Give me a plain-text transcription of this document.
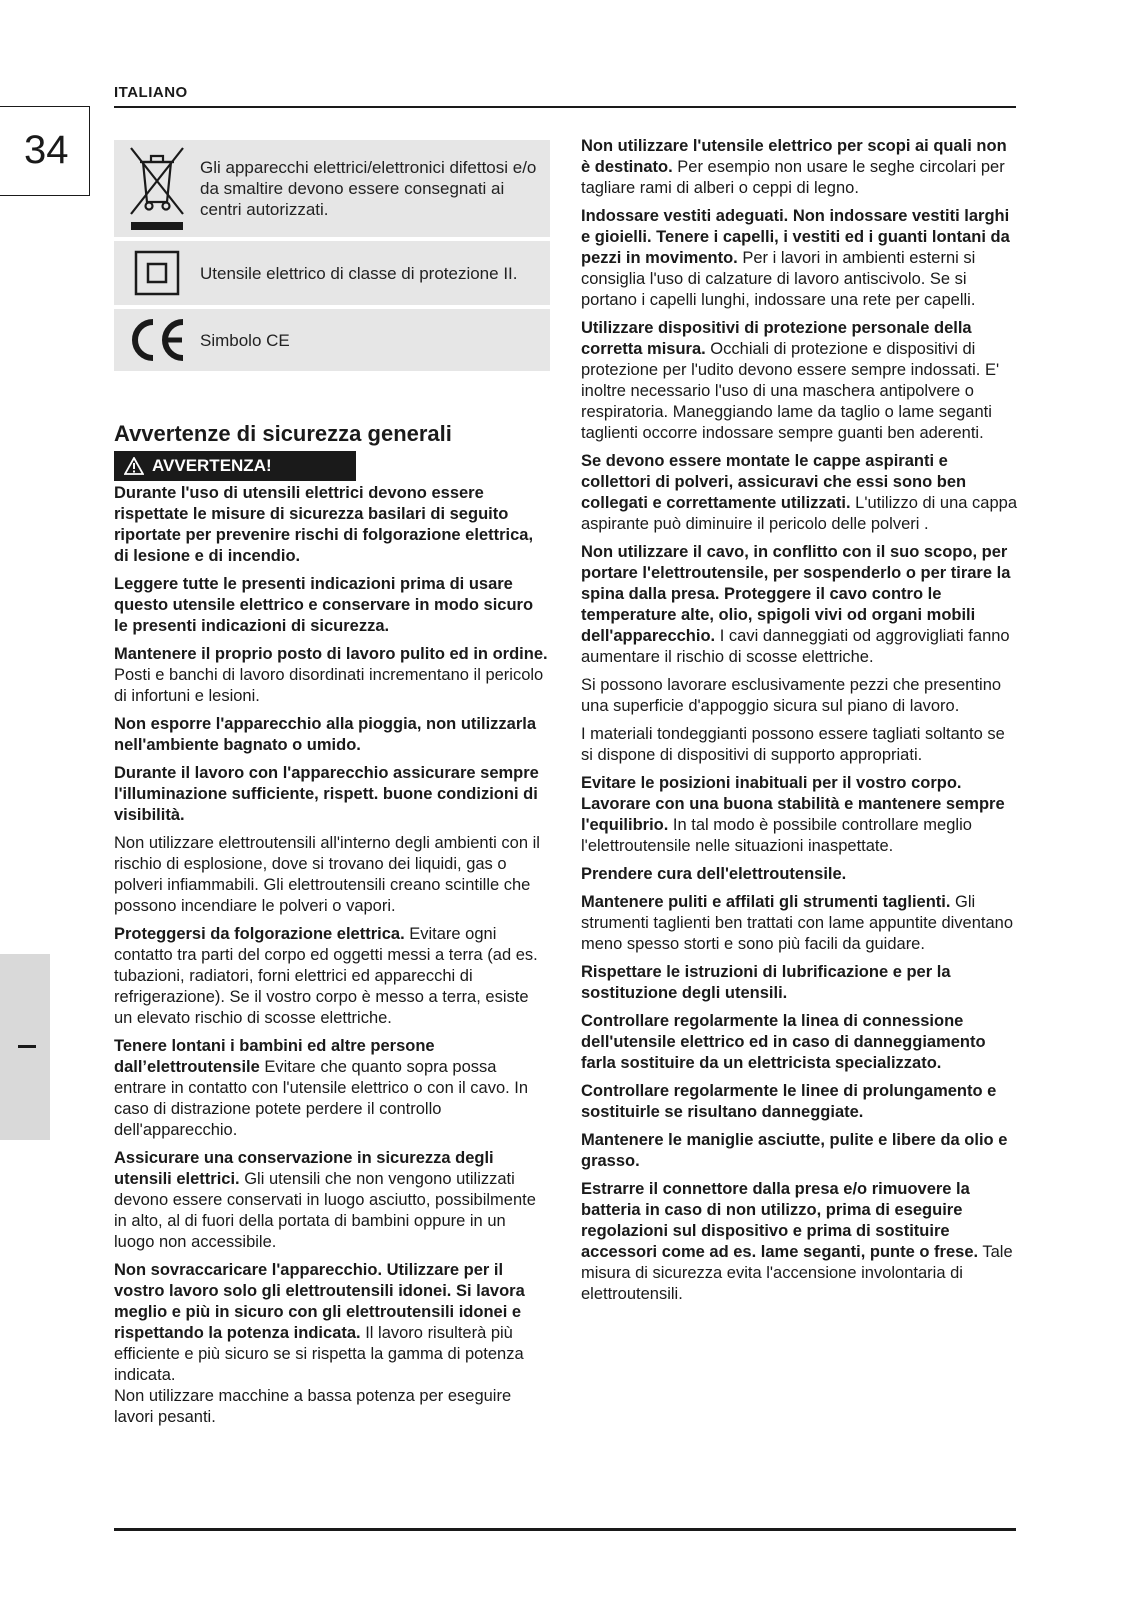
ITALIANO
34	Gli apparecchi elettrici/elettronici difettosi e/o da smaltire devono essere consegnati ai centri autorizzati.
Utensile elettrico di classe di protezione II.
Simbolo CE
Avvertenze di sicurezza generali
AVVERTENZA!

Durante l'uso di utensili elettrici devono essere rispettate le misure di sicurezza basilari di seguito riportate per prevenire rischi di folgorazione elettrica, di lesione e di incendio.

Leggere tutte le presenti indicazioni prima di usare questo utensile elettrico e conservare in modo sicuro le presenti indicazioni di sicurezza.

Mantenere il proprio posto di lavoro pulito ed in ordine. Posti e banchi di lavoro disordinati incrementano il pericolo di infortuni e lesioni.

Non esporre l'apparecchio alla pioggia, non utilizzarla nell'ambiente bagnato o umido.

Durante il lavoro con l'apparecchio assicurare sempre l'illuminazione sufficiente, rispett. buone condizioni di visibilità.

Non utilizzare elettroutensili all'interno degli ambienti con il rischio di esplosione, dove si trovano dei liquidi, gas o polveri infiammabili. Gli elettroutensili creano scintille che possono incendiare le polveri o vapori.

Proteggersi da folgorazione elettrica. Evitare ogni contatto tra parti del corpo ed oggetti messi a terra (ad es. tubazioni, radiatori, forni elettrici ed apparecchi di refrigerazione). Se il vostro corpo è messo a terra, esiste un elevato rischio di scosse elettriche.

Tenere lontani i bambini ed altre persone dall’elettroutensile Evitare che quanto sopra possa entrare in contatto con l'utensile elettrico o con il cavo. In caso di distrazione potete perdere il controllo dell'apparecchio.

Assicurare una conservazione in sicurezza degli utensili elettrici. Gli utensili che non vengono utilizzati devono essere conservati in luogo asciutto, possibilmente in alto, al di fuori della portata di bambini oppure in un luogo non accessibile.

Non sovraccaricare l'apparecchio. Utilizzare per il vostro lavoro solo gli elettroutensili idonei. Si lavora meglio e più in sicuro con gli elettroutensili idonei e rispettando la potenza indicata. Il lavoro risulterà più efficiente e più sicuro se si rispetta la gamma di potenza indicata.

Non utilizzare macchine a bassa potenza per eseguire lavori pesanti.

Non utilizzare l'utensile elettrico per scopi ai quali non è destinato. Per esempio non usare le seghe circolari per tagliare rami di alberi o ceppi di legno.

Indossare vestiti adeguati. Non indossare vestiti larghi e gioielli. Tenere i capelli, i vestiti ed i guanti lontani da pezzi in movimento. Per i lavori in ambienti esterni si consiglia l'uso di calzature di lavoro antiscivolo. Se si portano i capelli lunghi, indossare una rete per capelli.

Utilizzare dispositivi di protezione personale della corretta misura. Occhiali di protezione e dispositivi di protezione per l'udito devono essere sempre indossati. E' inoltre necessario l'uso di una maschera antipolvere o respiratoria. Maneggiando lame da taglio o lame seganti taglienti occorre indossare sempre guanti ben aderenti.

Se devono essere montate le cappe aspiranti e collettori di polveri, assicuravi che essi sono ben collegati e correttamente utilizzati. L'utilizzo di una cappa aspirante può diminuire il pericolo delle polveri .

Non utilizzare il cavo, in conflitto con il suo scopo, per portare l'elettroutensile, per sospenderlo o per tirare la spina dalla presa. Proteggere il cavo contro le temperature alte, olio, spigoli vivi od organi mobili dell'apparecchio. I cavi danneggiati od aggrovigliati fanno aumentare il rischio di scosse elettriche.

Si possono lavorare esclusivamente pezzi che presentino una superficie d'appoggio sicura sul piano di lavoro.

I materiali tondeggianti possono essere tagliati soltanto se si dispone di dispositivi di supporto appropriati.

Evitare le posizioni inabituali per il vostro corpo. Lavorare con una buona stabilità e mantenere sempre l'equilibrio. In tal modo è possibile controllare meglio l'elettroutensile nelle situazioni inaspettate.

Prendere cura dell'elettroutensile.

Mantenere puliti e affilati gli strumenti taglienti. Gli strumenti taglienti ben trattati con lame appuntite diventano meno spesso storti e sono più facili da guidare.

Rispettare le istruzioni di lubrificazione e per la sostituzione degli utensili.

Controllare regolarmente la linea di connessione dell'utensile elettrico ed in caso di danneggiamento farla sostituire da un elettricista specializzato.

Controllare regolarmente le linee di prolungamento e sostituirle se risultano danneggiate.

Mantenere le maniglie asciutte, pulite e libere da olio e grasso.

Estrarre il connettore dalla presa e/o rimuovere la batteria in caso di non utilizzo, prima di eseguire regolazioni sul dispositivo e prima di sostituire accessori come ad es. lame seganti, punte o frese. Tale misura di sicurezza evita l'accensione involontaria di elettroutensili.
